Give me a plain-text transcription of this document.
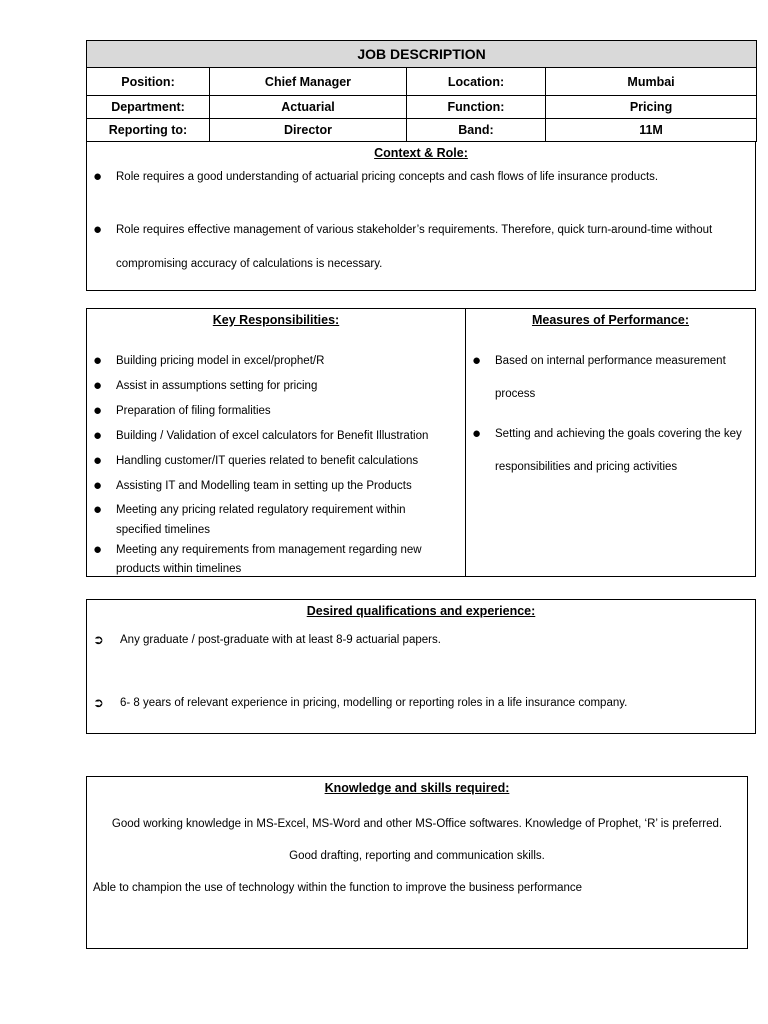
JOB DESCRIPTION			
Position:	Chief Manager	Location:	Mumbai
Department:	Actuarial	Function:	Pricing
Reporting to:	Director	Band:	11M
Context & Role:
● Role requires a good understanding of actuarial pricing concepts and cash flows of life insurance products.
● Role requires effective management of various stakeholder’s requirements. Therefore, quick turn-around-time without
compromising accuracy of calculations is necessary.
Key Responsibilities:	Measures of Performance:
● Building pricing model in excel/prophet/R
● Assist in assumptions setting for pricing
● Preparation of filing formalities
● Building / Validation of excel calculators for Benefit Illustration
● Handling customer/IT queries related to benefit calculations
● Assisting IT and Modelling team in setting up the Products
● Meeting any pricing related regulatory requirement within
specified timelines
● Meeting any requirements from management regarding new
products within timelines
● Based on internal performance measurement
process
● Setting and achieving the goals covering the key
responsibilities and pricing activities
Desired qualifications and experience:
➲ Any graduate / post-graduate with at least 8-9 actuarial papers.
➲ 6- 8 years of relevant experience in pricing, modelling or reporting roles in a life insurance company.
Knowledge and skills required:
Good working knowledge in MS-Excel, MS-Word and other MS-Office softwares. Knowledge of Prophet, ‘R’ is preferred.
Good drafting, reporting and communication skills.
Able to champion the use of technology within the function to improve the business performance
